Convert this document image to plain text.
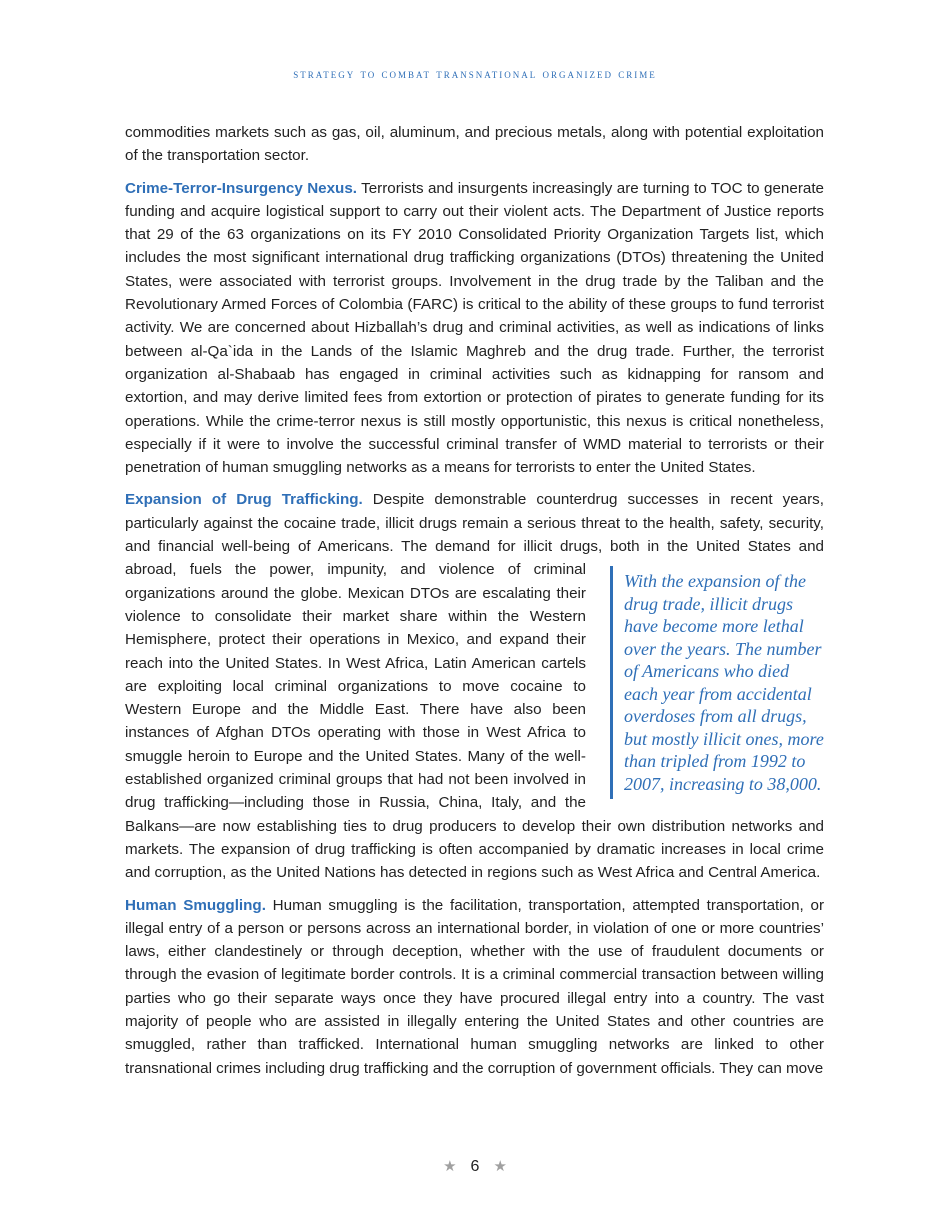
strategy to combat transnational organized crime

commodities markets such as gas, oil, aluminum, and precious metals, along with potential exploitation of the transportation sector.

Crime-Terror-Insurgency Nexus. Terrorists and insurgents increasingly are turning to TOC to generate funding and acquire logistical support to carry out their violent acts. The Department of Justice reports that 29 of the 63 organizations on its FY 2010 Consolidated Priority Organization Targets list, which includes the most significant international drug trafficking organizations (DTOs) threatening the United States, were associated with terrorist groups. Involvement in the drug trade by the Taliban and the Revolutionary Armed Forces of Colombia (FARC) is critical to the ability of these groups to fund terrorist activity. We are concerned about Hizballah’s drug and criminal activities, as well as indications of links between al-Qa`ida in the Lands of the Islamic Maghreb and the drug trade. Further, the terrorist organization al-Shabaab has engaged in criminal activities such as kidnapping for ransom and extortion, and may derive limited fees from extortion or protection of pirates to generate funding for its operations. While the crime-terror nexus is still mostly opportunistic, this nexus is critical nonetheless, especially if it were to involve the successful criminal transfer of WMD material to terrorists or their penetration of human smuggling networks as a means for terrorists to enter the United States.

Expansion of Drug Trafficking. Despite demonstrable counterdrug successes in recent years, particularly against the cocaine trade, illicit drugs remain a serious threat to the health, safety, security, and financial well-being of Americans. The demand for illicit drugs, both in the United States and abroad,
With the expansion of the drug trade, illicit drugs have become more lethal over the years. The number of Americans who died each year from accidental overdoses from all drugs, but mostly illicit ones, more than tripled from 1992 to 2007, increasing to 38,000.
fuels the power, impunity, and violence of criminal organizations around the globe. Mexican DTOs are escalating their violence to consolidate their market share within the Western Hemisphere, protect their operations in Mexico, and expand their reach into the United States. In West Africa, Latin American cartels are exploiting local criminal organizations to move cocaine to Western Europe and the Middle East. There have also been instances of Afghan DTOs operating with those in West Africa to smuggle heroin to Europe and the United States. Many of the well-established organized criminal groups that had not been involved in drug trafficking—including those in Russia, China, Italy, and the Balkans—are now establishing ties to drug producers to develop their own distribution networks and markets. The expansion of drug trafficking is often accompanied by dramatic increases in local crime and corruption, as the United Nations has detected in regions such as West Africa and Central America.

Human Smuggling. Human smuggling is the facilitation, transportation, attempted transportation, or illegal entry of a person or persons across an international border, in violation of one or more countries’ laws, either clandestinely or through deception, whether with the use of fraudulent documents or through the evasion of legitimate border controls. It is a criminal commercial transaction between willing parties who go their separate ways once they have procured illegal entry into a country. The vast majority of people who are assisted in illegally entering the United States and other countries are smuggled, rather than trafficked. International human smuggling networks are linked to other transnational crimes including drug trafficking and the corruption of government officials. They can move

★ 6 ★
